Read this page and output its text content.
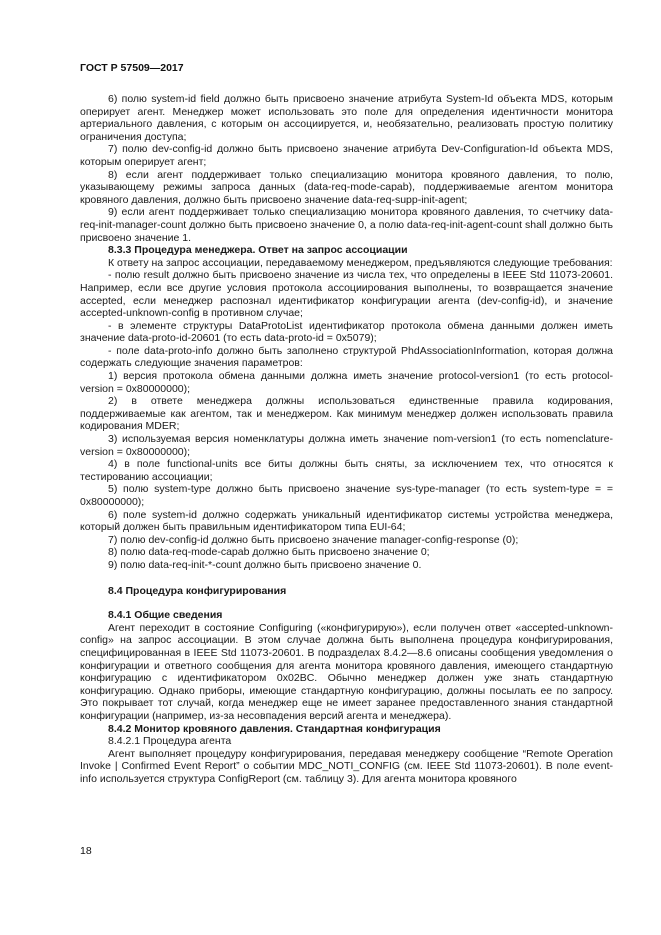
ГОСТ Р 57509—2017

6) полю system-id field должно быть присвоено значение атрибута System-Id объекта MDS, которым оперирует агент. Менеджер может использовать это поле для определения идентичности монитора артериального давления, с которым он ассоциируется, и, необязательно, реализовать простую политику ограничения доступа;

7) полю dev-config-id должно быть присвоено значение атрибута Dev-Configuration-Id объекта MDS, которым оперирует агент;

8) если агент поддерживает только специализацию монитора кровяного давления, то полю, указывающему режимы запроса данных (data-req-mode-capab), поддерживаемые агентом монитора кровяного давления, должно быть присвоено значение data-req-supp-init-agent;

9) если агент поддерживает только специализацию монитора кровяного давления, то счетчику data-req-init-manager-count должно быть присвоено значение 0, а полю data-req-init-agent-count shall должно быть присвоено значение 1.

8.3.3 Процедура менеджера. Ответ на запрос ассоциации

К ответу на запрос ассоциации, передаваемому менеджером, предъявляются следующие требования:

- полю result должно быть присвоено значение из числа тех, что определены в IEEE Std 11073-20601. Например, если все другие условия протокола ассоциирования выполнены, то возвращается значение accepted, если менеджер распознал идентификатор конфигурации агента (dev-config-id), и значение accepted-unknown-config в противном случае;

- в элементе структуры DataProtoList идентификатор протокола обмена данными должен иметь значение data-proto-id-20601 (то есть data-proto-id = 0x5079);

- поле data-proto-info должно быть заполнено структурой PhdAssociationInformation, которая должна содержать следующие значения параметров:

1) версия протокола обмена данными должна иметь значение protocol-version1 (то есть protocol-version = 0x80000000);

2) в ответе менеджера должны использоваться единственные правила кодирования, поддерживаемые как агентом, так и менеджером. Как минимум менеджер должен использовать правила кодирования MDER;

3) используемая версия номенклатуры должна иметь значение nom-version1 (то есть nomenclature-version = 0x80000000);

4) в поле functional-units все биты должны быть сняты, за исключением тех, что относятся к тестированию ассоциации;

5) полю system-type должно быть присвоено значение sys-type-manager (то есть system-type = = 0x80000000);

6) поле system-id должно содержать уникальный идентификатор системы устройства менеджера, который должен быть правильным идентификатором типа EUI-64;

7) полю dev-config-id должно быть присвоено значение manager-config-response (0);

8) полю data-req-mode-capab должно быть присвоено значение 0;

9) полю data-req-init-*-count должно быть присвоено значение 0.

8.4 Процедура конфигурирования
8.4.1 Общие сведения

Агент переходит в состояние Configuring («конфигурирую»), если получен ответ «accepted-unknown-config» на запрос ассоциации. В этом случае должна быть выполнена процедура конфигурирования, специфицированная в IEEE Std 11073-20601. В подразделах 8.4.2—8.6 описаны сообщения уведомления о конфигурации и ответного сообщения для агента монитора кровяного давления, имеющего стандартную конфигурацию с идентификатором 0x02BC. Обычно менеджер должен уже знать стандартную конфигурацию. Однако приборы, имеющие стандартную конфигурацию, должны посылать ее по запросу. Это покрывает тот случай, когда менеджер еще не имеет заранее предоставленного знания стандартной конфигурации (например, из-за несовпадения версий агента и менеджера).

8.4.2 Монитор кровяного давления. Стандартная конфигурация

8.4.2.1 Процедура агента

Агент выполняет процедуру конфигурирования, передавая менеджеру сообщение “Remote Operation Invoke | Confirmed Event Report” о событии MDC_NOTI_CONFIG (см. IEEE Std 11073-20601). В поле event-info используется структура ConfigReport (см. таблицу 3). Для агента монитора кровяного

18
